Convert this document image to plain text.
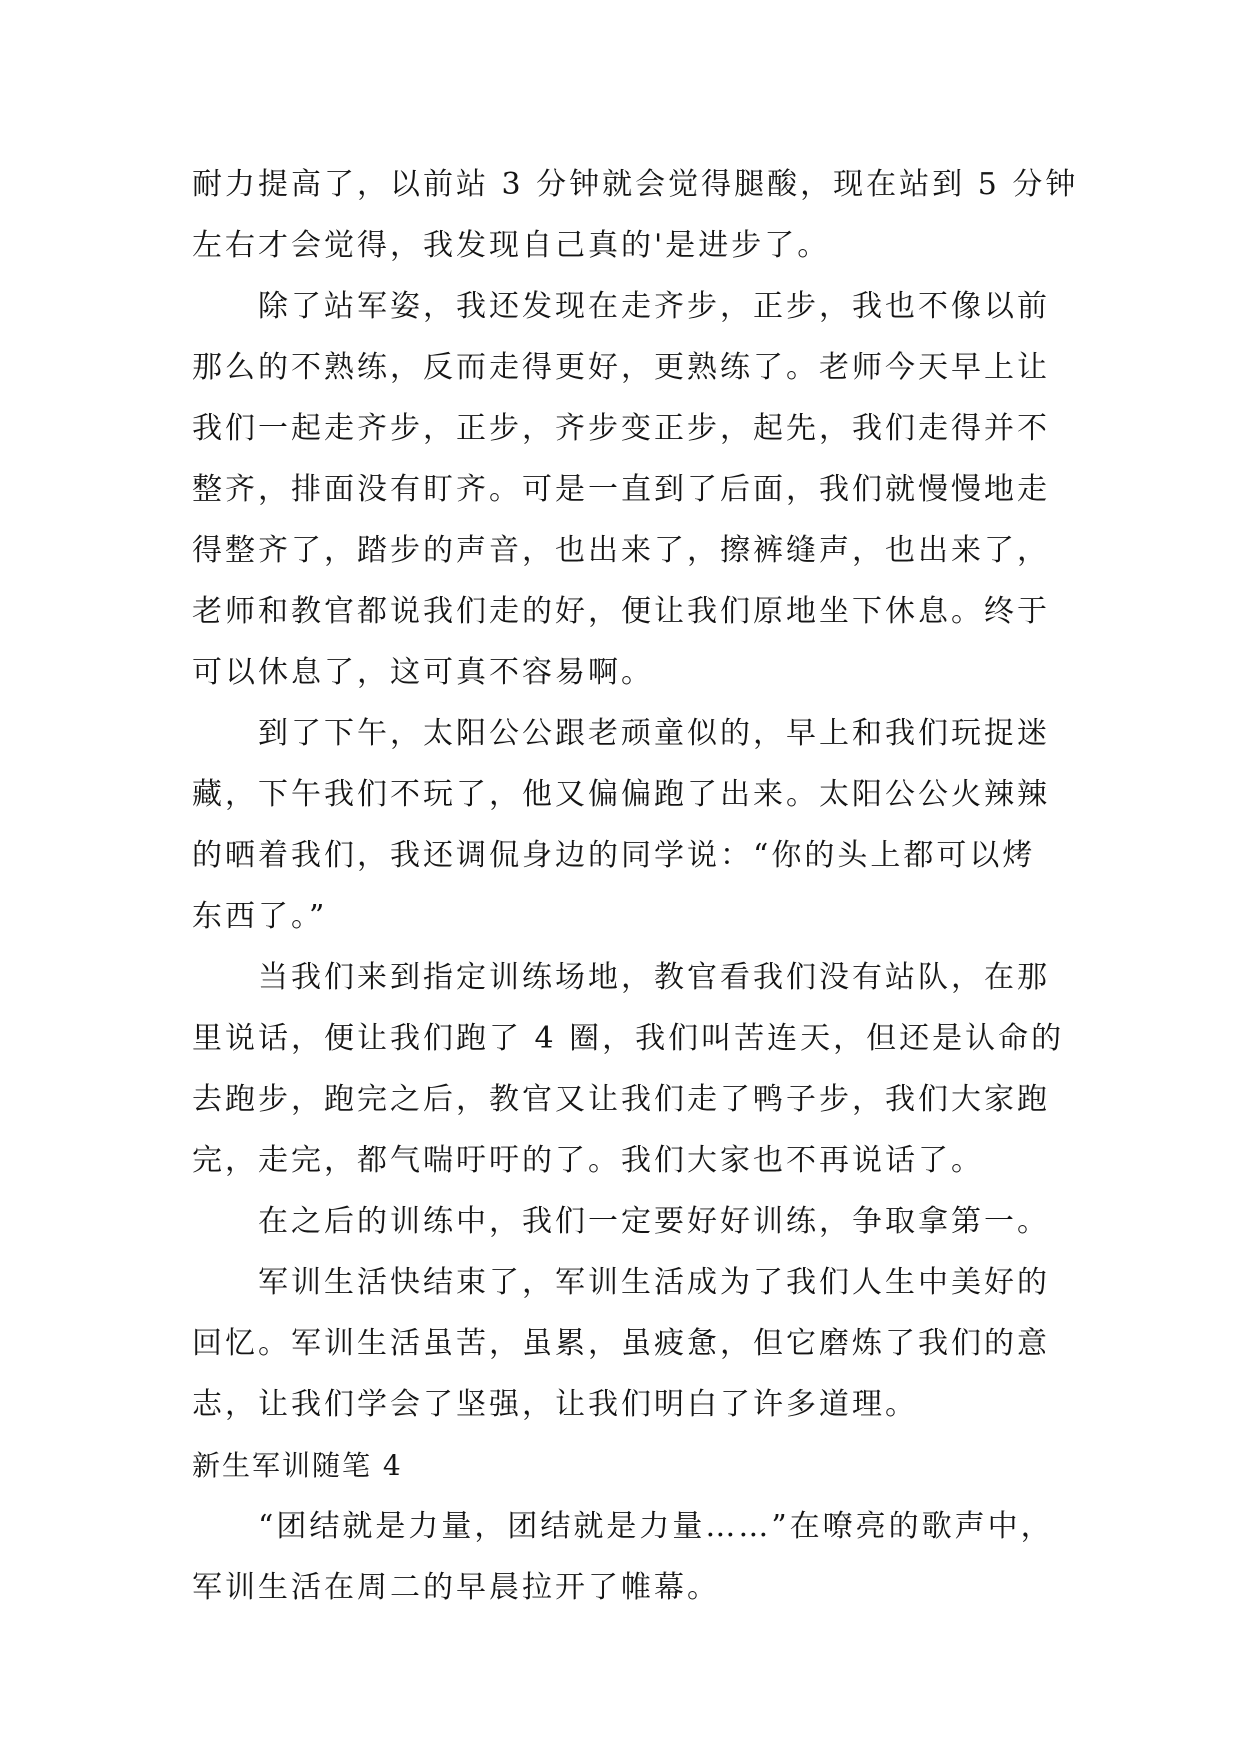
耐力提高了，以前站 3 分钟就会觉得腿酸，现在站到 5 分钟
左右才会觉得，我发现自己真的'是进步了。
除了站军姿，我还发现在走齐步，正步，我也不像以前
那么的不熟练，反而走得更好，更熟练了。老师今天早上让
我们一起走齐步，正步，齐步变正步，起先，我们走得并不
整齐，排面没有盯齐。可是一直到了后面，我们就慢慢地走
得整齐了，踏步的声音，也出来了，擦裤缝声，也出来了，
老师和教官都说我们走的好，便让我们原地坐下休息。终于
可以休息了，这可真不容易啊。
到了下午，太阳公公跟老顽童似的，早上和我们玩捉迷
藏，下午我们不玩了，他又偏偏跑了出来。太阳公公火辣辣
的晒着我们，我还调侃身边的同学说：“你的头上都可以烤
东西了。”
当我们来到指定训练场地，教官看我们没有站队，在那
里说话，便让我们跑了 4 圈，我们叫苦连天，但还是认命的
去跑步，跑完之后，教官又让我们走了鸭子步，我们大家跑
完，走完，都气喘吁吁的了。我们大家也不再说话了。
在之后的训练中，我们一定要好好训练，争取拿第一。
军训生活快结束了，军训生活成为了我们人生中美好的
回忆。军训生活虽苦，虽累，虽疲惫，但它磨炼了我们的意
志，让我们学会了坚强，让我们明白了许多道理。
新生军训随笔 4
“团结就是力量，团结就是力量……”在嘹亮的歌声中，
军训生活在周二的早晨拉开了帷幕。
